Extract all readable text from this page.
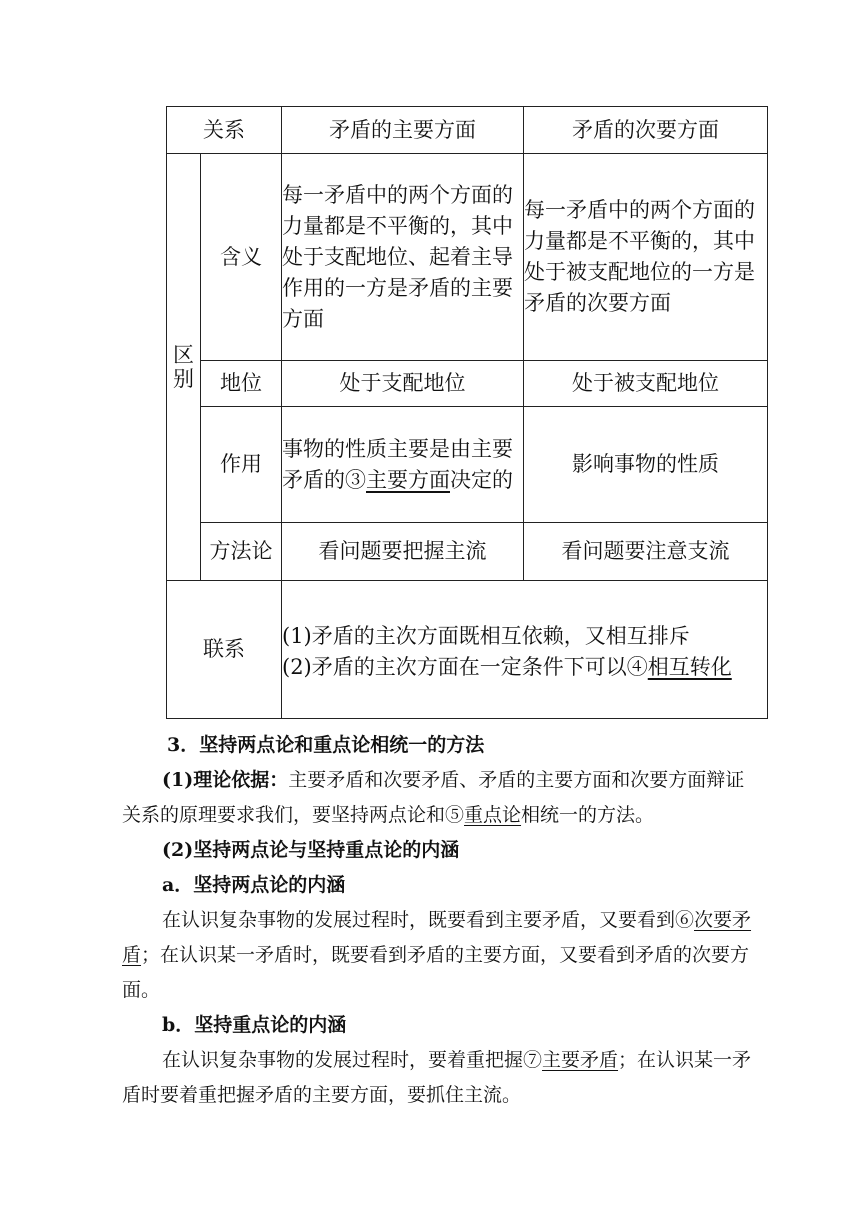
关系		矛盾的主要方面	矛盾的次要方面

区
别	含义	每一矛盾中的两个方面的力量都是不平衡的，其中处于支配地位、起着主导作用的一方是矛盾的主要方面	每一矛盾中的两个方面的力量都是不平衡的，其中处于被支配地位的一方是矛盾的次要方面
	地位	处于支配地位	处于被支配地位
	作用	事物的性质主要是由主要矛盾的③主要方面决定的	影响事物的性质
	方法论	看问题要把握主流	看问题要注意支流
联系		(1)矛盾的主次方面既相互依赖，又相互排斥

(2)矛盾的主次方面在一定条件下可以④相互转化	

3．坚持两点论和重点论相统一的方法

(1)理论依据：主要矛盾和次要矛盾、矛盾的主要方面和次要方面辩证关系的原理要求我们，要坚持两点论和⑤重点论相统一的方法。

(2)坚持两点论与坚持重点论的内涵

a．坚持两点论的内涵

在认识复杂事物的发展过程时，既要看到主要矛盾，又要看到⑥次要矛盾；在认识某一矛盾时，既要看到矛盾的主要方面，又要看到矛盾的次要方面。

b．坚持重点论的内涵

在认识复杂事物的发展过程时，要着重把握⑦主要矛盾；在认识某一矛盾时要着重把握矛盾的主要方面，要抓住主流。
